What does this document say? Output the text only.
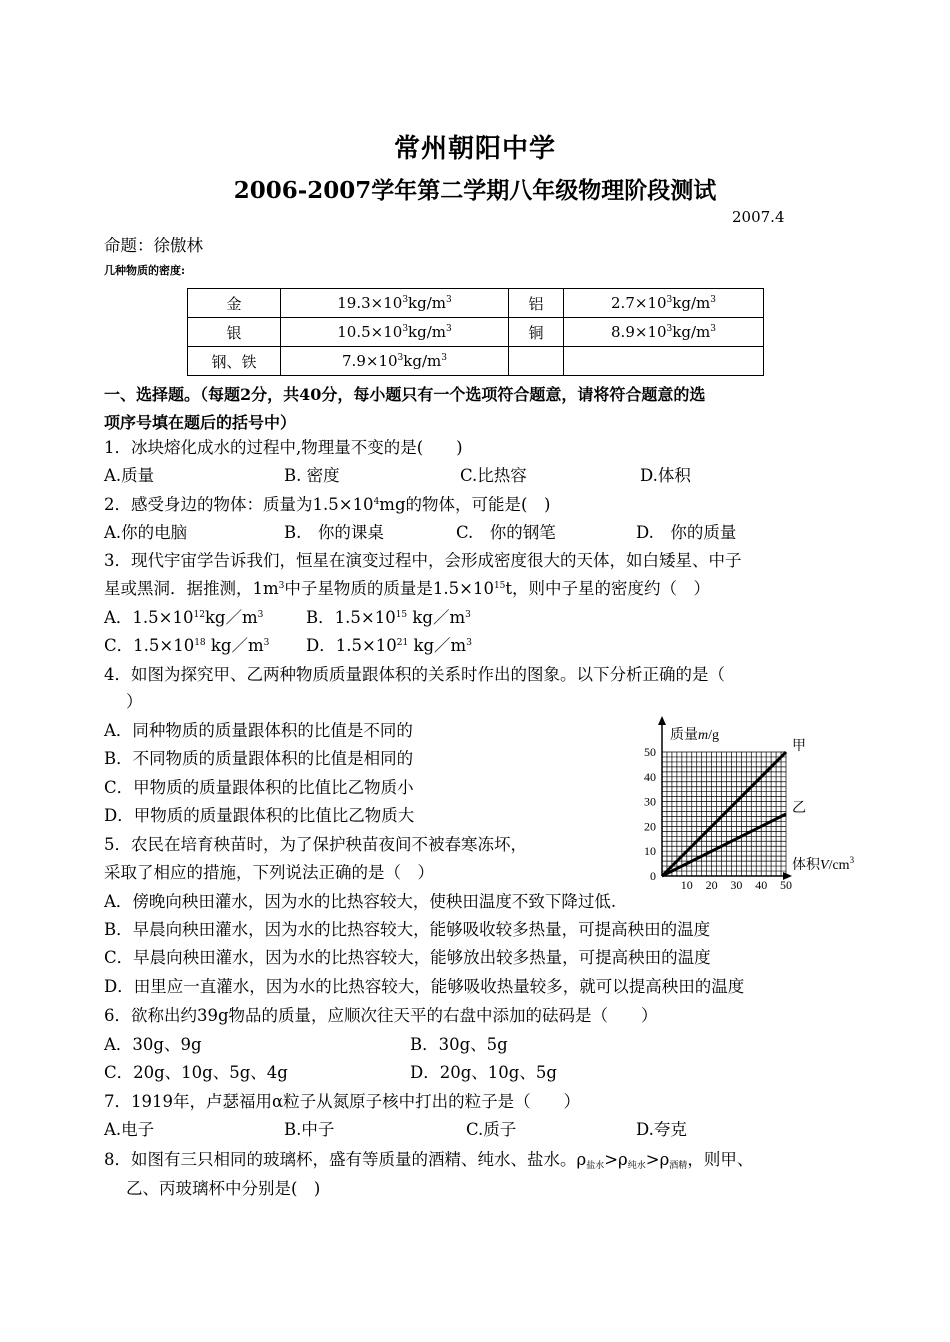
常州朝阳中学
2006-2007学年第二学期八年级物理阶段测试
2007.4
命题：徐傲林
几种物质的密度:
金	$19.3\times 10^3kg/m^3$	铝	$2.7\times 10^3kg/m^3$
银	$10.5\times 10^3kg/m^3$	铜	$8.9\times 10^3kg/m^3$
钢、铁	$7.9\times 10^3kg/m^3$		
一、选择题。（每题2分，共40分，每小题只有一个选项符合题意，请将符合题意的选
项序号填在题后的括号中）
1．冰块熔化成水的过程中,物理量不变的是(　　)
A.质量	B. 密度	C.比热容	D.体积
2．感受身边的物体：质量为$1.5\times 10^4mg$的物体，可能是(　)
A.你的电脑	B.　你的课桌	C.　你的钢笔	D.　你的质量
3．现代宇宙学告诉我们，恒星在演变过程中，会形成密度很大的天体，如白矮星、中子
星或黑洞．据推测，$1m^3$中子星物质的质量是$1.5\times 10^{15}t$，则中子星的密度约（　）
A．$1.5\times 10^{12}kg/m^3$	B．$1.5\times 10^{15}$ $kg/m^3$
C．$1.5\times 10^{18}$ $kg/m^3$ D．$1.5\times 10^{21}$ $kg/m^3$
4．如图为探究甲、乙两种物质质量跟体积的关系时作出的图象。以下分析正确的是（
）
A．同种物质的质量跟体积的比值是不同的
B．不同物质的质量跟体积的比值是相同的
C．甲物质的质量跟体积的比值比乙物质小
D．甲物质的质量跟体积的比值比乙物质大
0
10
20
30
40
50
10 20 30 40 50
甲
乙
质量m/g
体积$V/cm^3$
5．农民在培育秧苗时，为了保护秧苗夜间不被春寒冻坏，
采取了相应的措施，下列说法正确的是（　）
A．傍晚向秧田灌水，因为水的比热容较大，使秧田温度不致下降过低.
B．早晨向秧田灌水，因为水的比热容较大，能够吸收较多热量，可提高秧田的温度
C．早晨向秧田灌水，因为水的比热容较大，能够放出较多热量，可提高秧田的温度
D．田里应一直灌水，因为水的比热容较大，能够吸收热量较多，就可以提高秧田的温度
6．欲称出约39g物品的质量，应顺次往天平的右盘中添加的砝码是（　　）
A．30g、9g	B．30g、5g
C．20g、10g、5g、4g	D．20g、10g、5g
7．1919年，卢瑟福用α粒子从氮原子核中打出的粒子是（　　）
A.电子	B.中子	C.质子	D.夸克
8．如图有三只相同的玻璃杯，盛有等质量的酒精、纯水、盐水。$\rho_{盐水}>\rho_{纯水}>\rho_{酒精}$，则甲、
乙、丙玻璃杯中分别是(　)
